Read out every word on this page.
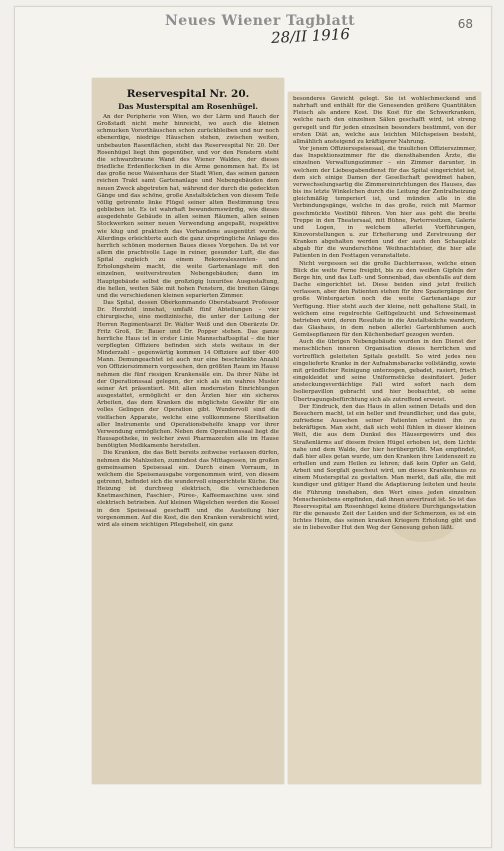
Neues Wiener Tagblatt
28/II 1916
68
Reservespital Nr. 20.
Das Musterspital am Rosenhügel.

An der Peripherie von Wien, wo der Lärm und Rauch der Großstadt nicht mehr hinreicht, wo auch die kleinen schmucken Vororthäuschen schon zurückbleiben und nur noch ebenerdige, niedrige Häuschen stehen, zwischen weiten, unbebauten Rasenflächen, steht das Reservespital Nr. 20. Der Rosenhügel liegt ihm gegenüber, und vor den Fenstern steht die schwarzbraune Wand des Wiener Waldes, der dieses friedliche Erdenfleckchen in die Arme genommen hat. Es ist das große neue Waisenhaus der Stadt Wien, das seinen ganzen reichen Trakt samt Gartenanlage und Nebengebäuden dem neuen Zweck abgetreten hat, während der durch die gedeckten Gänge und das schöne, große Anstaltsküchen von diesem Teile völlig getrennte linke Flügel seiner alten Bestimmung treu geblieben ist. Es ist wahrhaft bewundernswürdig, wie dieses ausgedehnte Gebäude in allen seinen Räumen, allen seinen Stockwerken seiner neuen Verwendung angepaßt, respektive wie klug und praktisch das Vorhandene ausgenützt wurde. Allerdings erleichterte auch die ganz ursprüngliche Anlage des herrlich schönen modernen Baues dieses Vorgehen. Da ist vor allem die prachtvolle Lage in reiner, gesunder Luft, die das Spital zugleich zu einem Rekonvaleszenten- und Erholungsheim macht, die weite Gartenanlage mit den einzelnen, weitverstreuten Nebengebäuden; dann im Hauptgebäude selbst die großzügig luxuriöse Ausgestaltung, die hellen, weiten Säle mit hohen Fenstern, die breiten Gänge und die verschiedenen kleinen separierten Zimmer.

Das Spital, dessen Oberkommando Oberstabsarzt Professor Dr. Herzfeld innehat, umfaßt fünf Abteilungen – vier chirurgische, eine medizinische, die unter der Leitung der Herren Regimentsarzt Dr. Walter Weiß und den Oberärzte Dr. Fritz Groß, Dr. Bauer und Dr. Popper stehen. Das ganze herrliche Haus ist in erster Linie Mannschaftsspital – die hier verpflegten Offiziere befinden sich stets weitaus in der Minderzahl – gegenwärtig kommen 14 Offiziere auf über 400 Mann. Demungeachtet ist auch nur eine beschränkte Anzahl von Offizierszimmern vorgesehen, den größten Raum im Hause nehmen die fünf riesigen Krankensäle ein. Da ihrer Nähe ist der Operationssaal gelegen, der sich als ein wahres Muster seiner Art präsentiert. Mit allen modernsten Einrichtungen ausgestattet, ermöglicht er den Ärzten hier ein sicheres Arbeiten, das dem Kranken die möglichste Gewähr für ein volles Gelingen der Operation gibt. Wundervoll sind die vielfachen Apparate, welche eine vollkommene Sterilisation aller Instrumente und Operationsbehelfe knapp vor ihrer Verwendung ermöglichen. Neben dem Operationssaal liegt die Hausapotheke, in welcher zwei Pharmazeuten alle im Hause benötigten Medikamente herstellen.

Die Kranken, die das Bett bereits zeitweise verlassen dürfen, nehmen die Mahlzeiten, zumindest das Mittagessen, im großen gemeinsamen Speisesaal ein. Durch einen Vorraum, in welchem die Speisenausgabe vorgenommen wird, von diesem getrennt, befindet sich die wundervoll eingerichtete Küche. Die Heizung ist durchweg elektrisch, die verschiedenen Knetmaschinen, Faschier-, Püree-, Kaffeemaschine usw. sind elektrisch betrieben. Auf kleinen Wägelchen werden die Kessel in den Speisesaal geschafft und die Austeilung hier vorgenommen. Auf die Kost, die den Kranken verabreicht wird, wird als einem wichtigen Pflegebehelf, ein ganz

besonderes Gewicht gelegt. Sie ist wohlschmeckend und nahrhaft und enthält für die Genesenden größere Quantitäten Fleisch als andere Kost. Die Kost für die Schwerkranken, welche nach den einzelnen Sälen geschafft wird, ist streng geregelt und für jeden einzelnen besonders bestimmt, von der ersten Diät an, welche aus leichten Milchspeisen besteht, allmählich ansteigend zu kräftigerer Nahrung.

Vor jenem Offiziersspeisesaal, die traulichen Offizierszimmer, das Inspektionszimmer für die diensthabenden Ärzte, die einzelnen Verwaltungszimmer – ein Zimmer darunter, in welchem der Liebesgabendienst für das Spital eingerichtet ist, dem sich einige Damen der Gesellschaft gewidmet haben, verwechselungsartig die Zimmereinrichtungen des Hauses, das bis ins letzte Winkelchen durch die Leitung der Zentralheizung gleichmäßig temperiert ist, und münden alle in die Verbindungsgänge, welche in das große, reich mit Marmor geschmückte Vestibül führen. Von hier aus geht die breite Treppe in den Theatersaal, mit Bühne, Parterresitzen, Galerie und Logen, in welchem allerlei Vorführungen, Kinovorstellungen u. zur Erheiterung und Zerstreuung der Kranken abgehalten werden und der auch den Schauplatz abgab für die wunderschöne Weihnachtsfeier, die hier alle Patienten in den Festtagen veranstaltete.

Nicht vergessen sei die große Dachterrasse, welche einen Blick die weite Ferne freigibt, bis zu den weißen Gipfeln der Berge hin, und das Luft- und Sonnenbad, das ebenfalls auf dem Dache eingerichtet ist. Diese beiden sind jetzt freilich verlassen, aber den Patienten stehen für ihre Spaziergänge der große Wintergarten noch die weite Gartenanlage zur Verfügung. Hier steht auch der kleine, nett gehaltene Stall, in welchem eine regelrechte Geflügelzucht und Schweinemast betrieben wird, deren Resultate in die Anstaltsküche wandern, das Glashaus, in dem neben allerlei Gartenblumen auch Gemüsepflanzen für den Küchenbedarf gezogen werden.

Auch die übrigen Nebengebäude wurden in den Dienst der menschlichen inneren Organisation dieses herrlichen und vortrefflich geleiteten Spitals gestellt. So wird jedes neu eingelieferte Kranke in der Aufnahmsbaracke vollständig, sowie mit gründlicher Reinigung unterzogen, gebadet, rasiert, frisch eingekleidet und seine Uniformstücke desinfiziert. Jeder ansteckungsverdächtige Fall wird sofort nach dem Isolierpavillon gebracht und hier beobachtet, ob seine Übertragungsbefürchtung sich als zutreffend erweist.

Der Eindruck, den das Haus in allen seinen Details und den Besuchern macht, ist ein heller und freundlicher, und das gute, zufriedene Aussehen seiner Patienten scheint ihn zu bekräftigen. Man sieht, daß sich wohl fühlen in dieser kleinen Welt, die aus dem Dunkel des Häusergewirrs und des Straßenlärms auf diesem freien Hügel erhoben ist, dem Lichte nahe und dem Walde, der hier herübergrüßt. Man empfindet, daß hier alles getan wurde, um den Kranken ihre Leidenszeit zu erhellen und zum Heilen zu lehren; daß kein Opfer an Geld, Arbeit und Sorgfalt gescheut wird, um dieses Krankenhaus zu einem Musterspital zu gestalten. Man merkt, daß alle, die mit kundiger und gütiger Hand die Adaptierung leiteten und heute die Führung innehaben, den Wert eines jeden einzelnen Menschenlebens empfinden, daß ihnen anvertraut ist. So ist das Reservespital am Rosenhügel keine düstere Durchgangsstation für die genauste Zeit der Leiden und der Schmerzen, es ist ein lichtes Heim, das seinen kranken Kriegern Erholung gibt und sie in liebevoller Hut den Weg der Genesung gehen läßt.
